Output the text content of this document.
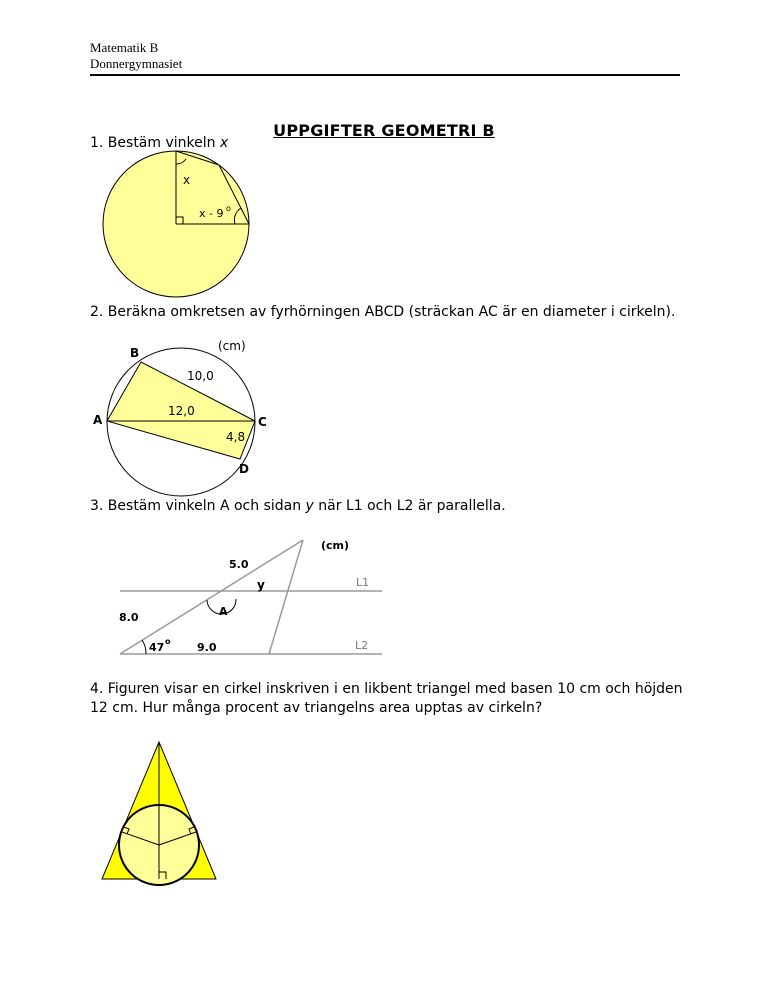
Matematik B
Donnergymnasiet
UPPGIFTER GEOMETRI B
1. Bestäm vinkeln x
x
x - 9 o
2. Beräkna omkretsen av fyrhörningen ABCD (sträckan AC är en diameter i cirkeln).
(cm)
B
A	C
D
10,0
12,0
4,8
3. Bestäm vinkeln A och sidan y när L1 och L2 är parallella.
(cm)
5.0
y	L1
A
8.0
47 o 9.0	L2
4. Figuren visar en cirkel inskriven i en likbent triangel med basen 10 cm och höjden 12 cm. Hur många procent av triangelns area upptas av cirkeln?
